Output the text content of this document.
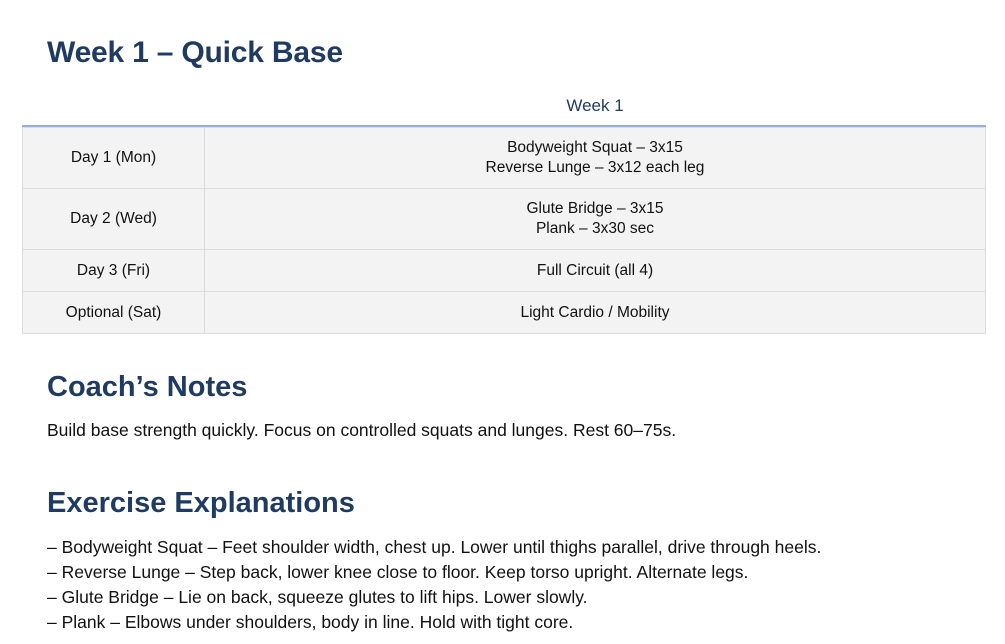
Week 1 – Quick Base
Week 1
Day 1 (Mon)	Bodyweight Squat – 3x15
Reverse Lunge – 3x12 each leg

Day 2 (Wed)	Glute Bridge – 3x15
Plank – 3x30 sec

Day 3 (Fri)	Full Circuit (all 4)

Optional (Sat)	Light Cardio / Mobility
Coach’s Notes

Build base strength quickly. Focus on controlled squats and lunges. Rest 60–75s.

Exercise Explanations
– Bodyweight Squat – Feet shoulder width, chest up. Lower until thighs parallel, drive through heels.
– Reverse Lunge – Step back, lower knee close to floor. Keep torso upright. Alternate legs.
– Glute Bridge – Lie on back, squeeze glutes to lift hips. Lower slowly.
– Plank – Elbows under shoulders, body in line. Hold with tight core.
